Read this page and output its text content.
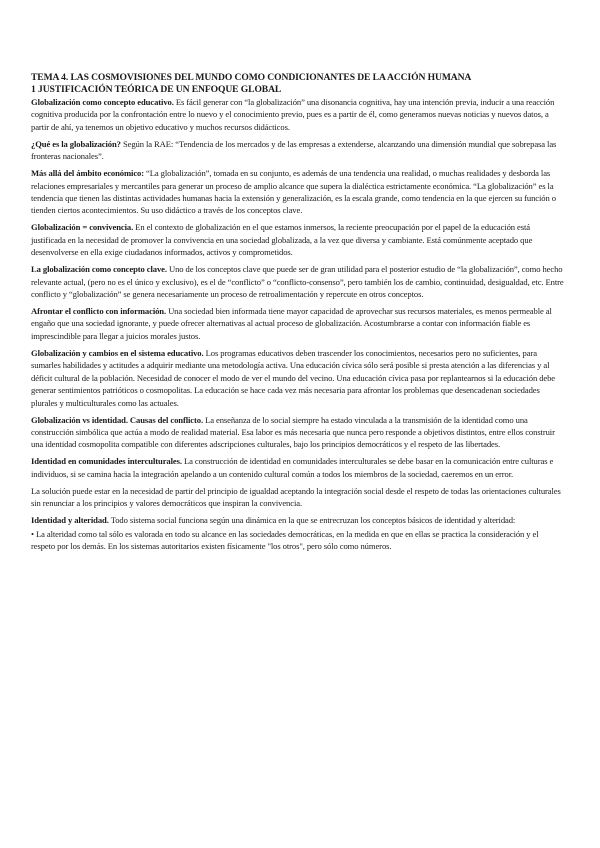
TEMA 4. LAS COSMOVISIONES DEL MUNDO COMO CONDICIONANTES DE LA ACCIÓN HUMANA
1 JUSTIFICACIÓN TEÓRICA DE UN ENFOQUE GLOBAL

Globalización como concepto educativo. Es fácil generar con “la globalización” una disonancia cognitiva, hay una intención previa, inducir a una reacción cognitiva producida por la confrontación entre lo nuevo y el conocimiento previo, pues es a partir de él, como generamos nuevas noticias y nuevos datos, a partir de ahí, ya tenemos un objetivo educativo y muchos recursos didácticos.

¿Qué es la globalización? Según la RAE: “Tendencia de los mercados y de las empresas a extenderse, alcanzando una dimensión mundial que sobrepasa las fronteras nacionales”.

Más allá del ámbito económico: “La globalización”, tomada en su conjunto, es además de una tendencia una realidad, o muchas realidades y desborda las relaciones empresariales y mercantiles para generar un proceso de amplio alcance que supera la dialéctica estrictamente económica. “La globalización” es la tendencia que tienen las distintas actividades humanas hacia la extensión y generalización, es la escala grande, como tendencia en la que ejercen su función o tienden ciertos acontecimientos. Su uso didáctico a través de los conceptos clave.

Globalización = convivencia. En el contexto de globalización en el que estamos inmersos, la reciente preocupación por el papel de la educación está justificada en la necesidad de promover la convivencia en una sociedad globalizada, a la vez que diversa y cambiante. Está comúnmente aceptado que desenvolverse en ella exige ciudadanos informados, activos y comprometidos.

La globalización como concepto clave. Uno de los conceptos clave que puede ser de gran utilidad para el posterior estudio de “la globalización”, como hecho relevante actual, (pero no es el único y exclusivo), es el de “conflicto” o “conflicto-consenso”, pero también los de cambio, continuidad, desigualdad, etc. Entre conflicto y “globalización” se genera necesariamente un proceso de retroalimentación y repercute en otros conceptos.

Afrontar el conflicto con información. Una sociedad bien informada tiene mayor capacidad de aprovechar sus recursos materiales, es menos permeable al engaño que una sociedad ignorante, y puede ofrecer alternativas al actual proceso de globalización. Acostumbrarse a contar con información fiable es imprescindible para llegar a juicios morales justos.

Globalización y cambios en el sistema educativo. Los programas educativos deben trascender los conocimientos, necesarios pero no suficientes, para sumarles habilidades y actitudes a adquirir mediante una metodología activa. Una educación cívica sólo será posible si presta atención a las diferencias y al déficit cultural de la población. Necesidad de conocer el modo de ver el mundo del vecino. Una educación cívica pasa por replantearnos si la educación debe generar sentimientos patrióticos o cosmopolitas. La educación se hace cada vez más necesaria para afrontar los problemas que desencadenan sociedades plurales y multiculturales como las actuales.

Globalización vs identidad. Causas del conflicto. La enseñanza de lo social siempre ha estado vinculada a la transmisión de la identidad como una construcción simbólica que actúa a modo de realidad material. Esa labor es más necesaria que nunca pero responde a objetivos distintos, entre ellos construir una identidad cosmopolita compatible con diferentes adscripciones culturales, bajo los principios democráticos y el respeto de las libertades.

Identidad en comunidades interculturales. La construcción de identidad en comunidades interculturales se debe basar en la comunicación entre culturas e individuos, si se camina hacia la integración apelando a un contenido cultural común a todos los miembros de la sociedad, caeremos en un error.

La solución puede estar en la necesidad de partir del principio de igualdad aceptando la integración social desde el respeto de todas las orientaciones culturales sin renunciar a los principios y valores democráticos que inspiran la convivencia.

Identidad y alteridad. Todo sistema social funciona según una dinámica en la que se entrecruzan los conceptos básicos de identidad y alteridad:

• La alteridad como tal sólo es valorada en todo su alcance en las sociedades democráticas, en la medida en que en ellas se practica la consideración y el respeto por los demás. En los sistemas autoritarios existen físicamente "los otros", pero sólo como números.
